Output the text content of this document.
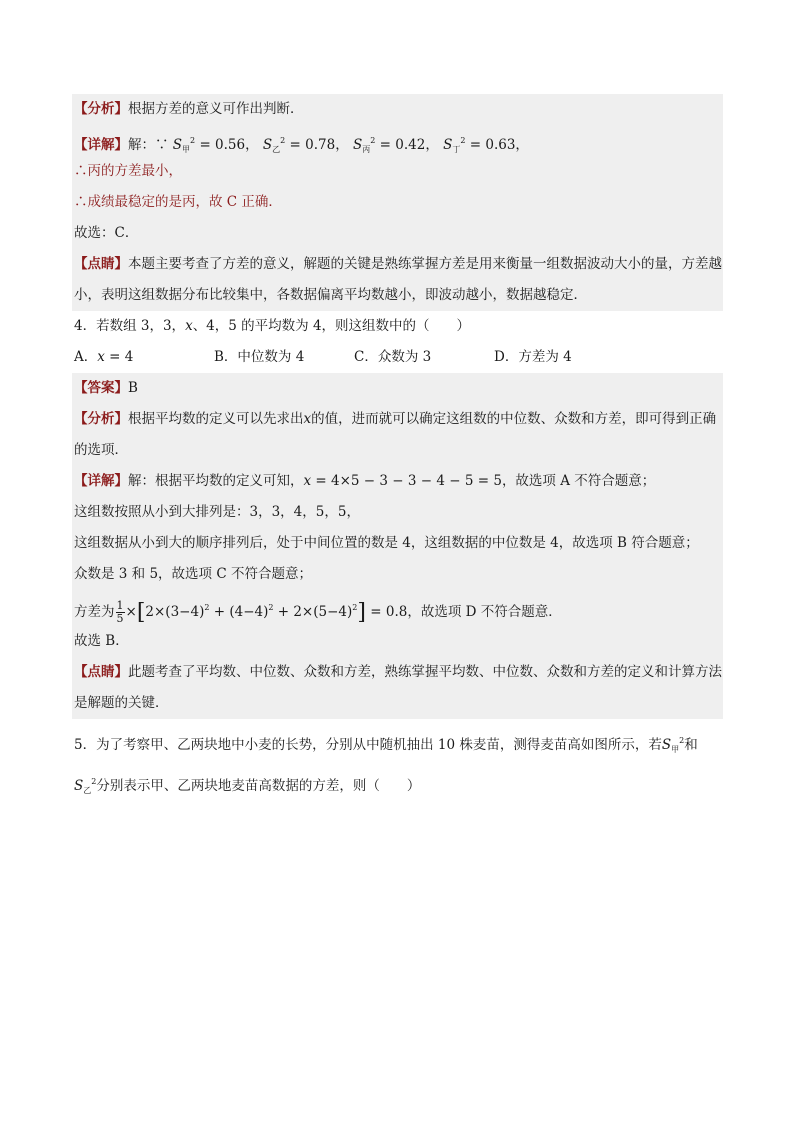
【分析】根据方差的意义可作出判断．
【详解】解：∵ $S_甲^2 = 0.56$， $S_乙^2 = 0.78$， $S_丙^2 = 0.42$， $S_丁^2 = 0.63$，
∴丙的方差最小，
∴成绩最稳定的是丙，故 C 正确．
故选：C．
【点睛】本题主要考查了方差的意义，解题的关键是熟练掌握方差是用来衡量一组数据波动大小的量，方差越小，表明这组数据分布比较集中，各数据偏离平均数越小，即波动越小，数据越稳定．
4．若数组 3，3，x、4，5 的平均数为 4，则这组数中的（　　）
A．x = 4	B．中位数为 4	C．众数为 3	D．方差为 4
【答案】B
【分析】根据平均数的定义可以先求出x的值，进而就可以确定这组数的中位数、众数和方差，即可得到正确的选项．
【详解】解：根据平均数的定义可知，x = 4×5 − 3 − 3 − 4 − 5 = 5，故选项 A 不符合题意；
这组数按照从小到大排列是：3，3，4，5，5，
这组数据从小到大的顺序排列后，处于中间位置的数是 4，这组数据的中位数是 4，故选项 B 符合题意；
众数是 3 和 5，故选项 C 不符合题意；
方差为 $\frac{1}{5} \times[2\times(3-4)^2 + (4-4)^2 + 2\times(5-4)^2] = 0.8$，故选项 D 不符合题意．
故选 B．
【点睛】此题考查了平均数、中位数、众数和方差，熟练掌握平均数、中位数、众数和方差的定义和计算方法是解题的关键．
5．为了考察甲、乙两块地中小麦的长势，分别从中随机抽出 10 株麦苗，测得麦苗高如图所示，若$S_甲^2$和
$S_乙^2$分别表示甲、乙两块地麦苗高数据的方差，则（　　）
